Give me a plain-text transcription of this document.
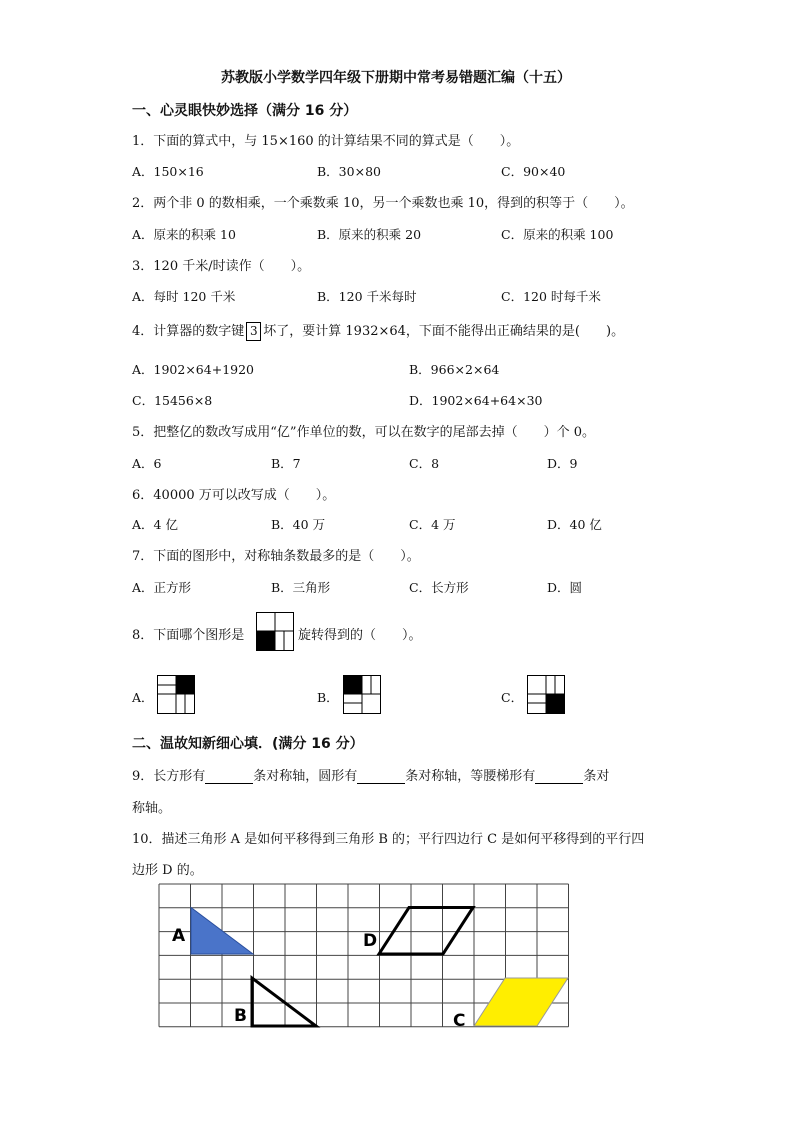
苏教版小学数学四年级下册期中常考易错题汇编（十五）
一、心灵眼快妙选择（满分 16 分）
1．下面的算式中，与 15×160 的计算结果不同的算式是（　　）。
A．150×16	B．30×80	C．90×40
2．两个非 0 的数相乘，一个乘数乘 10，另一个乘数也乘 10，得到的积等于（　　）。
A．原来的积乘 10	B．原来的积乘 20	C．原来的积乘 100
3．120 千米/时读作（　　）。
A．每时 120 千米	B．120 千米每时	C．120 时每千米
4．计算器的数字键 3 坏了，要计算 1932×64，下面不能得出正确结果的是(　　)。
A．1902×64+1920	B．966×2×64
C．15456×8	D．1902×64+64×30
5．把整亿的数改写成用“亿”作单位的数，可以在数字的尾部去掉（　　）个 0。
A．6	B．7	C．8	D．9
6．40000 万可以改写成（　　）。
A．4 亿	B．40 万	C．4 万	D．40 亿
7．下面的图形中，对称轴条数最多的是（　　）。
A．正方形	B．三角形	C．长方形	D．圆
8．下面哪个图形是	旋转得到的（　　）。
A．	B．	C．
二、温故知新细心填．(满分 16 分）
9．长方形有	条对称轴，圆形有	条对称轴，等腰梯形有	条对
称轴。
10．描述三角形 A 是如何平移得到三角形 B 的；平行四边行 C 是如何平移得到的平行四
边形 D 的。
A
B	C
D
